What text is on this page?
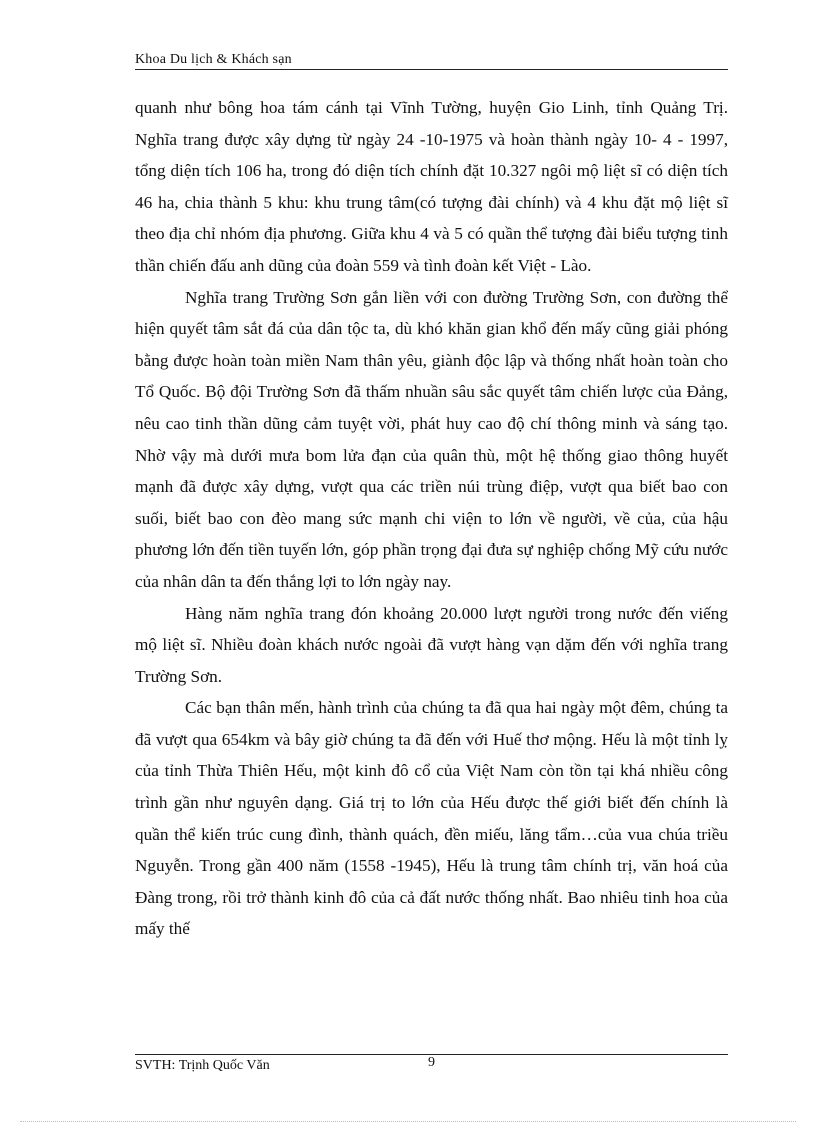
Khoa Du lịch & Khách sạn

quanh như bông hoa tám cánh tại Vĩnh Tường, huyện Gio Linh, tỉnh Quảng Trị. Nghĩa trang được xây dựng từ ngày 24 -10-1975 và hoàn thành ngày 10- 4 - 1997, tổng diện tích 106 ha, trong đó diện tích chính đặt 10.327 ngôi mộ liệt sĩ có diện tích 46 ha, chia thành 5 khu: khu trung tâm(có tượng đài chính) và 4 khu đặt mộ liệt sĩ theo địa chỉ nhóm địa phương. Giữa khu 4 và 5 có quần thể tượng đài biểu tượng tinh thần chiến đấu anh dũng của đoàn 559 và tình đoàn kết Việt - Lào.

Nghĩa trang Trường Sơn gắn liền với con đường Trường Sơn, con đường thể hiện quyết tâm sắt đá của dân tộc ta, dù khó khăn gian khổ đến mấy cũng giải phóng bằng được hoàn toàn miền Nam thân yêu, giành độc lập và thống nhất hoàn toàn cho Tổ Quốc. Bộ đội Trường Sơn đã thấm nhuần sâu sắc quyết tâm chiến lược của Đảng, nêu cao tinh thần dũng cảm tuyệt vời, phát huy cao độ chí thông minh và sáng tạo. Nhờ vậy mà dưới mưa bom lửa đạn của quân thù, một hệ thống giao thông huyết mạnh đã được xây dựng, vượt qua các triền núi trùng điệp, vượt qua biết bao con suối, biết bao con đèo mang sức mạnh chi viện to lớn về người, về của, của hậu phương lớn đến tiền tuyến lớn, góp phần trọng đại đưa sự nghiệp chống Mỹ cứu nước của nhân dân ta đến thắng lợi to lớn ngày nay.

Hàng năm nghĩa trang đón khoảng 20.000 lượt người trong nước đến viếng mộ liệt sĩ. Nhiều đoàn khách nước ngoài đã vượt hàng vạn dặm đến với nghĩa trang Trường Sơn.

Các bạn thân mến, hành trình của chúng ta đã qua hai ngày một đêm, chúng ta đã vượt qua 654km và bây giờ chúng ta đã đến với Huế thơ mộng. Hếu là một tỉnh lỵ của tỉnh Thừa Thiên Hếu, một kinh đô cổ của Việt Nam còn tồn tại khá nhiều công trình gần như nguyên dạng. Giá trị to lớn của Hếu được thế giới biết đến chính là quần thể kiến trúc cung đình, thành quách, đền miếu, lăng tẩm…của vua chúa triều Nguyễn. Trong gần 400 năm (1558 -1945), Hếu là trung tâm chính trị, văn hoá của Đàng trong, rồi trở thành kinh đô của cả đất nước thống nhất. Bao nhiêu tinh hoa của mấy thế

SVTH: Trịnh Quốc Văn	9
